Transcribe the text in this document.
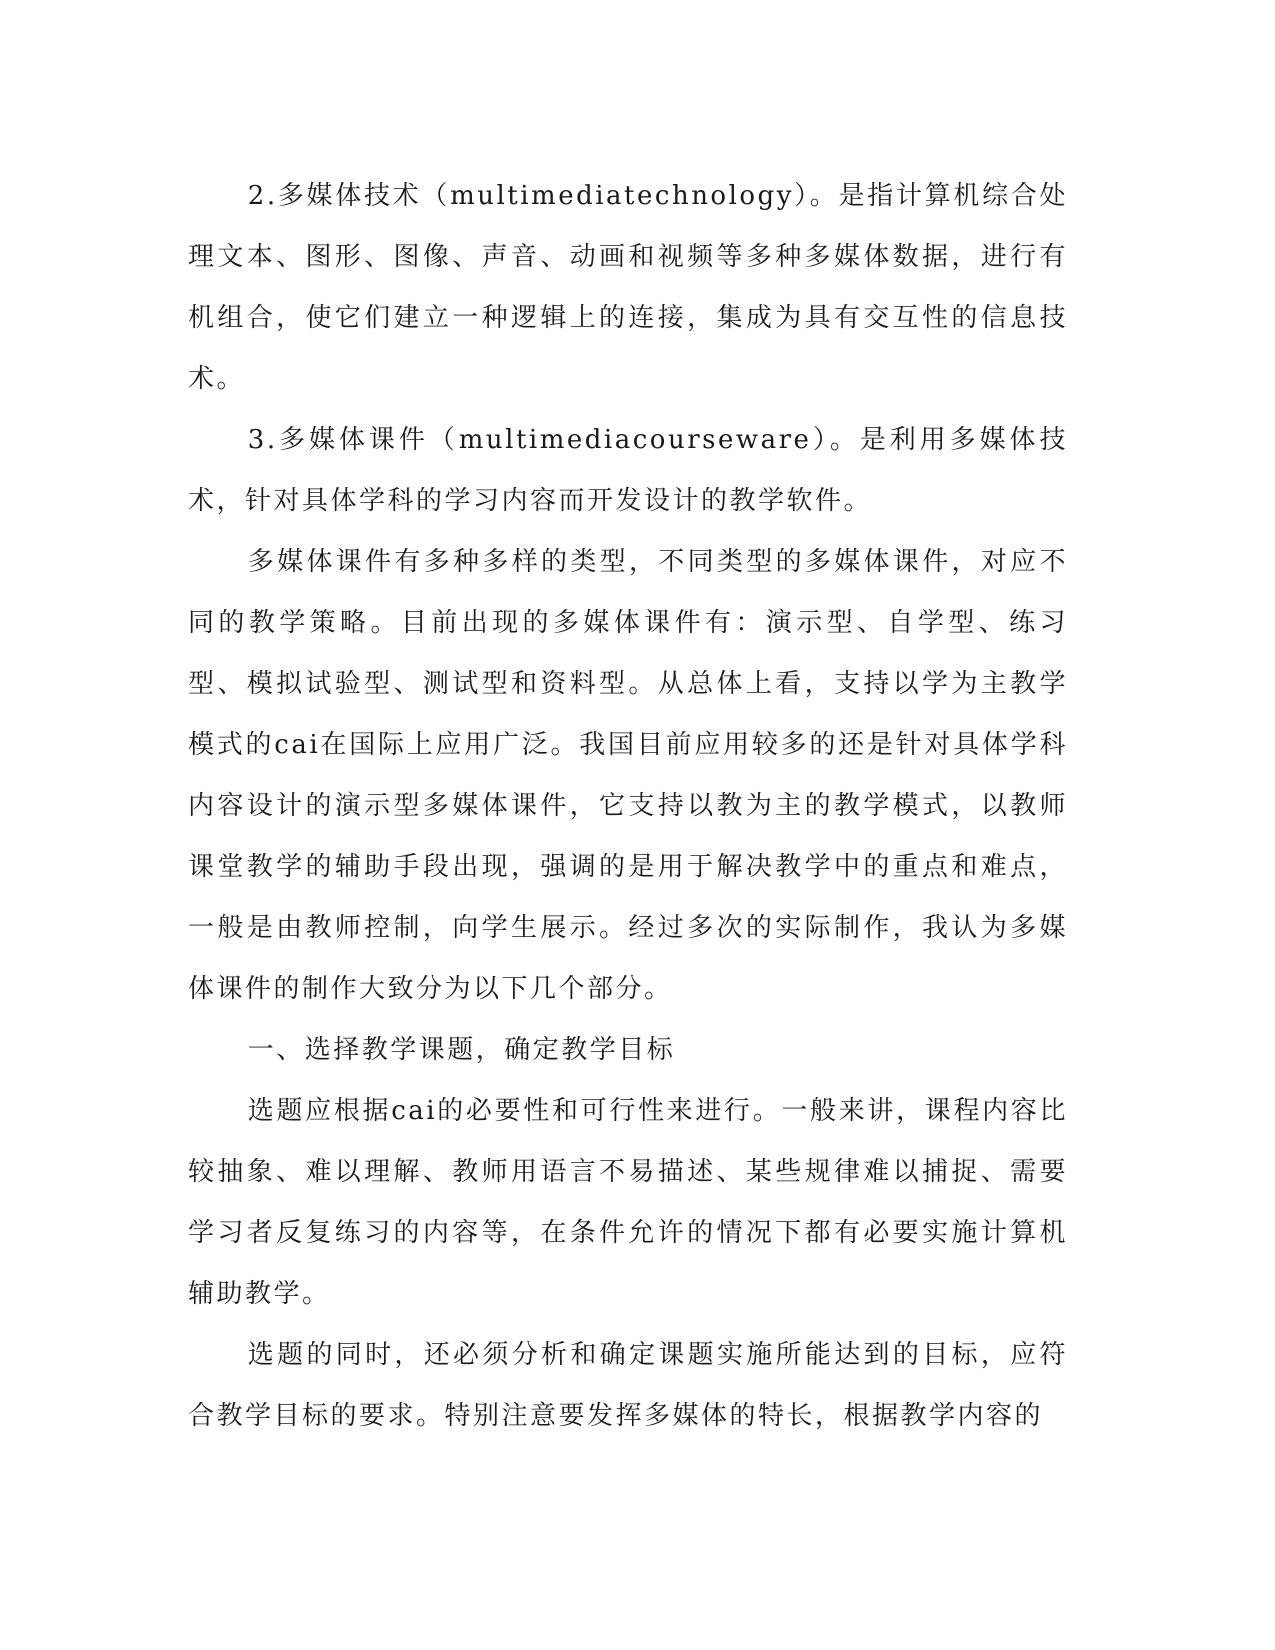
2.多媒体技术（multimediatechnology）。是指计算机综合处理文本、图形、图像、声音、动画和视频等多种多媒体数据，进行有机组合，使它们建立一种逻辑上的连接，集成为具有交互性的信息技术。

3.多媒体课件（multimediacourseware）。是利用多媒体技术，针对具体学科的学习内容而开发设计的教学软件。

多媒体课件有多种多样的类型，不同类型的多媒体课件，对应不同的教学策略。目前出现的多媒体课件有：演示型、自学型、练习型、模拟试验型、测试型和资料型。从总体上看，支持以学为主教学模式的cai在国际上应用广泛。我国目前应用较多的还是针对具体学科内容设计的演示型多媒体课件，它支持以教为主的教学模式，以教师课堂教学的辅助手段出现，强调的是用于解决教学中的重点和难点，一般是由教师控制，向学生展示。经过多次的实际制作，我认为多媒体课件的制作大致分为以下几个部分。

一、选择教学课题，确定教学目标

选题应根据cai的必要性和可行性来进行。一般来讲，课程内容比较抽象、难以理解、教师用语言不易描述、某些规律难以捕捉、需要学习者反复练习的内容等，在条件允许的情况下都有必要实施计算机辅助教学。

选题的同时，还必须分析和确定课题实施所能达到的目标，应符合教学目标的要求。特别注意要发挥多媒体的特长，根据教学内容的
